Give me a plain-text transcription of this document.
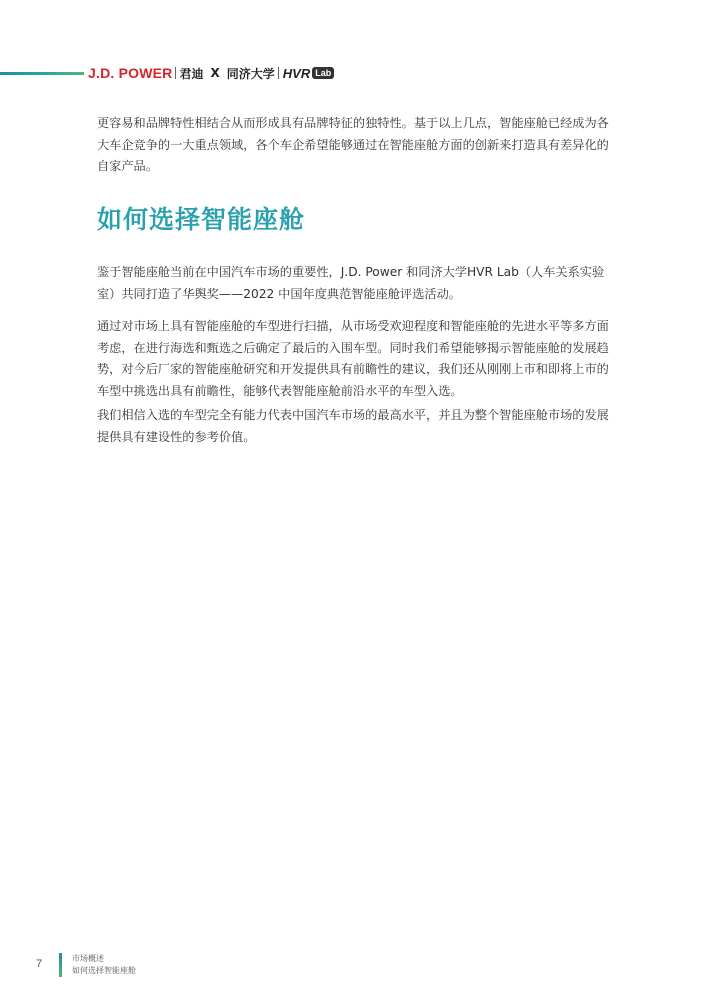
J.D. POWER 君迪 X 同济大学 HVR Lab

更容易和品牌特性相结合从而形成具有品牌特征的独特性。基于以上几点，智能座舱已经成为各大车企竞争的一大重点领域，各个车企希望能够通过在智能座舱方面的创新来打造具有差异化的自家产品。

如何选择智能座舱

鉴于智能座舱当前在中国汽车市场的重要性，J.D. Power 和同济大学HVR Lab（人车关系实验室）共同打造了华舆奖——2022 中国年度典范智能座舱评选活动。

通过对市场上具有智能座舱的车型进行扫描，从市场受欢迎程度和智能座舱的先进水平等多方面考虑，在进行海选和甄选之后确定了最后的入围车型。同时我们希望能够揭示智能座舱的发展趋势，对今后厂家的智能座舱研究和开发提供具有前瞻性的建议，我们还从刚刚上市和即将上市的车型中挑选出具有前瞻性，能够代表智能座舱前沿水平的车型入选。

我们相信入选的车型完全有能力代表中国汽车市场的最高水平，并且为整个智能座舱市场的发展提供具有建设性的参考价值。

7	市场概述
如何选择智能座舱
